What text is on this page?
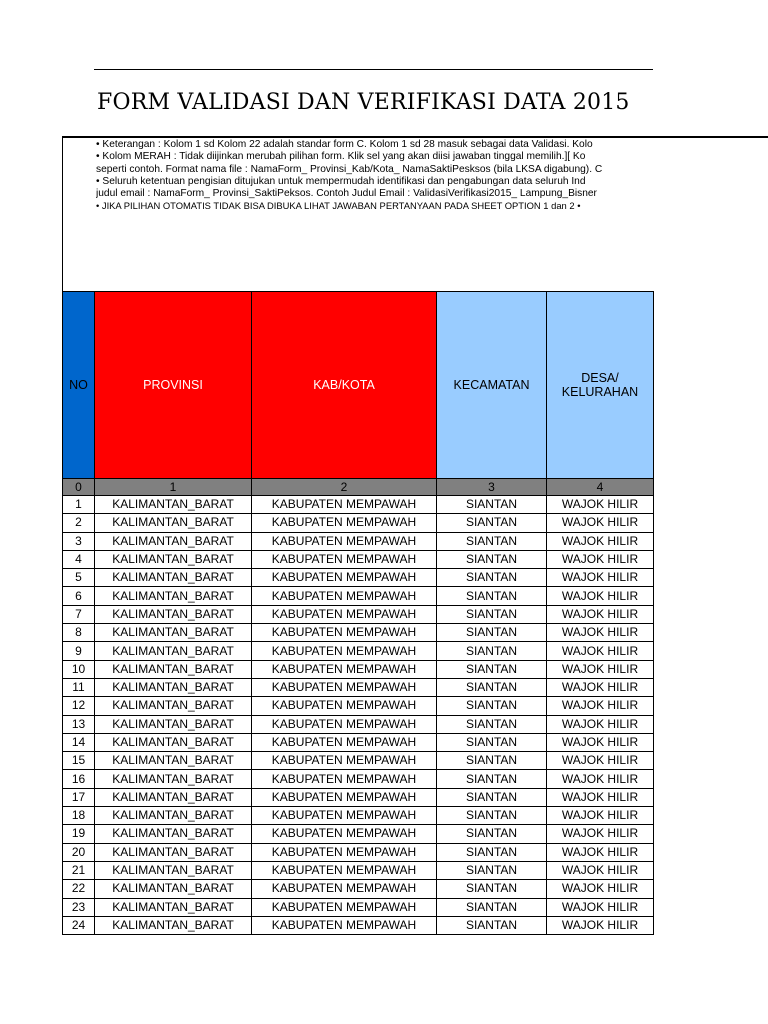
FORM VALIDASI DAN VERIFIKASI DATA 2015
• Keterangan : Kolom 1 sd Kolom 22 adalah standar form C. Kolom 1 sd 28 masuk sebagai data Validasi. Kolo
• Kolom MERAH : Tidak diijinkan merubah pilihan form. Klik sel yang akan diisi jawaban tinggal memilih.][ Ko
seperti contoh. Format nama file : NamaForm_ Provinsi_Kab/Kota_ NamaSaktiPesksos (bila LKSA digabung). C
• Seluruh ketentuan pengisian ditujukan untuk mempermudah identifikasi dan pengabungan data seluruh Ind
judul email : NamaForm_ Provinsi_SaktiPeksos. Contoh Judul Email : ValidasiVerifikasi2015_ Lampung_Bisner
• JIKA PILIHAN OTOMATIS TIDAK BISA DIBUKA LIHAT JAWABAN PERTANYAAN PADA SHEET OPTION 1 dan 2 •
NO	PROVINSI	KAB/KOTA	KECAMATAN	DESA/
KELURAHAN
0	1	2	3	4
1	KALIMANTAN_BARAT	KABUPATEN MEMPAWAH	SIANTAN	WAJOK HILIR
2	KALIMANTAN_BARAT	KABUPATEN MEMPAWAH	SIANTAN	WAJOK HILIR
3	KALIMANTAN_BARAT	KABUPATEN MEMPAWAH	SIANTAN	WAJOK HILIR
4	KALIMANTAN_BARAT	KABUPATEN MEMPAWAH	SIANTAN	WAJOK HILIR
5	KALIMANTAN_BARAT	KABUPATEN MEMPAWAH	SIANTAN	WAJOK HILIR
6	KALIMANTAN_BARAT	KABUPATEN MEMPAWAH	SIANTAN	WAJOK HILIR
7	KALIMANTAN_BARAT	KABUPATEN MEMPAWAH	SIANTAN	WAJOK HILIR
8	KALIMANTAN_BARAT	KABUPATEN MEMPAWAH	SIANTAN	WAJOK HILIR
9	KALIMANTAN_BARAT	KABUPATEN MEMPAWAH	SIANTAN	WAJOK HILIR
10	KALIMANTAN_BARAT	KABUPATEN MEMPAWAH	SIANTAN	WAJOK HILIR
11	KALIMANTAN_BARAT	KABUPATEN MEMPAWAH	SIANTAN	WAJOK HILIR
12	KALIMANTAN_BARAT	KABUPATEN MEMPAWAH	SIANTAN	WAJOK HILIR
13	KALIMANTAN_BARAT	KABUPATEN MEMPAWAH	SIANTAN	WAJOK HILIR
14	KALIMANTAN_BARAT	KABUPATEN MEMPAWAH	SIANTAN	WAJOK HILIR
15	KALIMANTAN_BARAT	KABUPATEN MEMPAWAH	SIANTAN	WAJOK HILIR
16	KALIMANTAN_BARAT	KABUPATEN MEMPAWAH	SIANTAN	WAJOK HILIR
17	KALIMANTAN_BARAT	KABUPATEN MEMPAWAH	SIANTAN	WAJOK HILIR
18	KALIMANTAN_BARAT	KABUPATEN MEMPAWAH	SIANTAN	WAJOK HILIR
19	KALIMANTAN_BARAT	KABUPATEN MEMPAWAH	SIANTAN	WAJOK HILIR
20	KALIMANTAN_BARAT	KABUPATEN MEMPAWAH	SIANTAN	WAJOK HILIR
21	KALIMANTAN_BARAT	KABUPATEN MEMPAWAH	SIANTAN	WAJOK HILIR
22	KALIMANTAN_BARAT	KABUPATEN MEMPAWAH	SIANTAN	WAJOK HILIR
23	KALIMANTAN_BARAT	KABUPATEN MEMPAWAH	SIANTAN	WAJOK HILIR
24	KALIMANTAN_BARAT	KABUPATEN MEMPAWAH	SIANTAN	WAJOK HILIR
